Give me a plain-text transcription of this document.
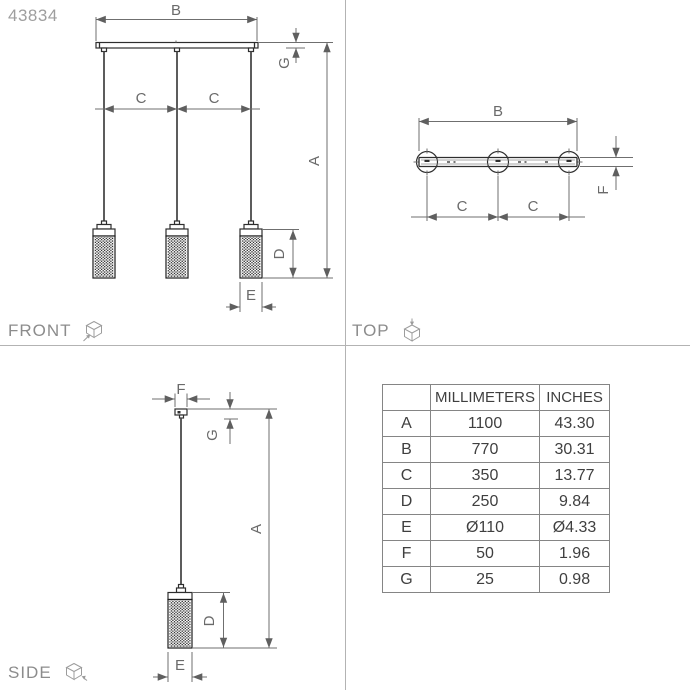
43834	B
G
C	C
D
A
E
B
F
C	C
F
G
D
A
E
FRONT	TOP
SIDE
	MILLIMETERS	INCHES
A	1100	43.30
B	770	30.31
C	350	13.77
D	250	9.84
E	Ø110	Ø4.33
F	50	1.96
G	25	0.98
